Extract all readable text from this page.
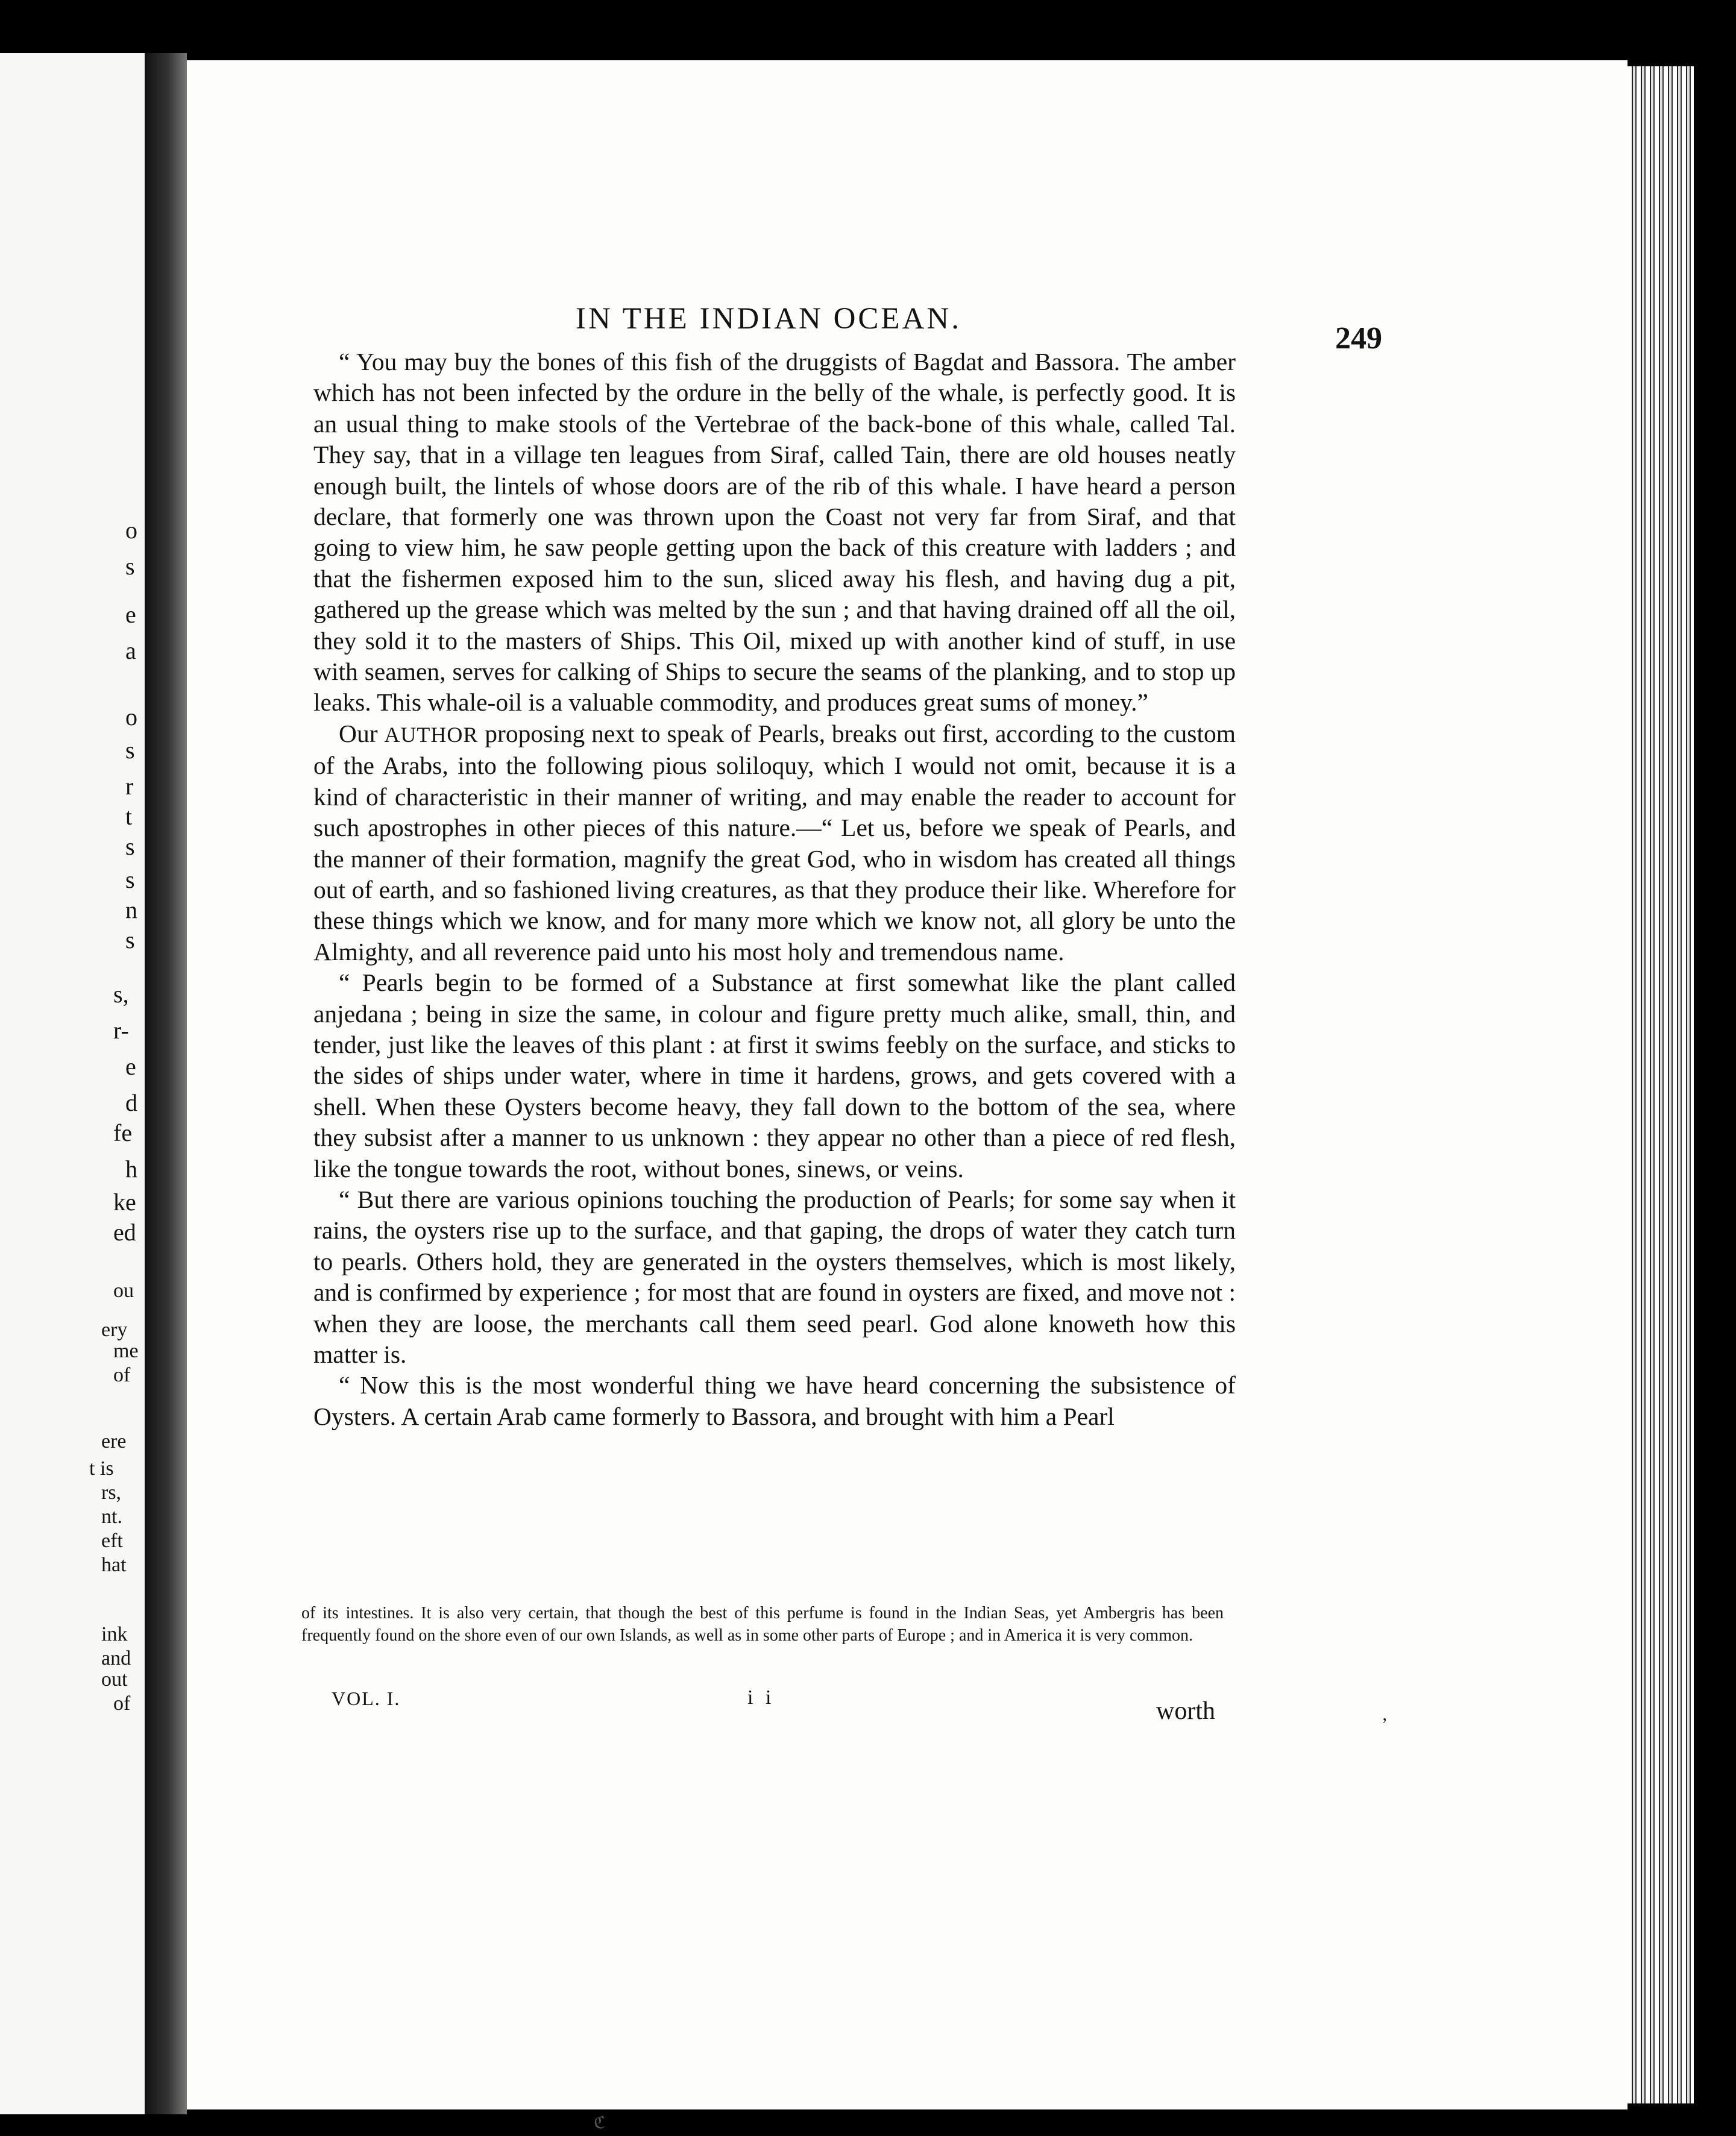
o
s
e
a
o
s
r
t
s
s
n
s
s,
r-
e
d
fe
h
ke
ed
ou
ery
me
of
ere
t is
rs,
nt.
eft
hat
ink
and
out
of
IN THE INDIAN OCEAN.
249

“ You may buy the bones of this fish of the druggists of Bagdat and Bassora. The amber which has not been infected by the ordure in the belly of the whale, is perfectly good. It is an usual thing to make stools of the Vertebrae of the back-bone of this whale, called Tal. They say, that in a village ten leagues from Siraf, called Tain, there are old houses neatly enough built, the lintels of whose doors are of the rib of this whale. I have heard a person declare, that formerly one was thrown upon the Coast not very far from Siraf, and that going to view him, he saw people getting upon the back of this creature with ladders ; and that the fishermen exposed him to the sun, sliced away his flesh, and having dug a pit, gathered up the grease which was melted by the sun ; and that having drained off all the oil, they sold it to the masters of Ships. This Oil, mixed up with another kind of stuff, in use with seamen, serves for calking of Ships to secure the seams of the planking, and to stop up leaks. This whale-oil is a valuable commodity, and produces great sums of money.”

Our AUTHOR proposing next to speak of Pearls, breaks out first, according to the custom of the Arabs, into the following pious soliloquy, which I would not omit, because it is a kind of characteristic in their manner of writing, and may enable the reader to account for such apostrophes in other pieces of this nature.—“ Let us, before we speak of Pearls, and the manner of their formation, magnify the great God, who in wisdom has created all things out of earth, and so fashioned living creatures, as that they produce their like. Wherefore for these things which we know, and for many more which we know not, all glory be unto the Almighty, and all reverence paid unto his most holy and tremendous name.

“ Pearls begin to be formed of a Substance at first somewhat like the plant called anjedana ; being in size the same, in colour and figure pretty much alike, small, thin, and tender, just like the leaves of this plant : at first it swims feebly on the surface, and sticks to the sides of ships under water, where in time it hardens, grows, and gets covered with a shell. When these Oysters become heavy, they fall down to the bottom of the sea, where they subsist after a manner to us unknown : they appear no other than a piece of red flesh, like the tongue towards the root, without bones, sinews, or veins.

“ But there are various opinions touching the production of Pearls; for some say when it rains, the oysters rise up to the surface, and that gaping, the drops of water they catch turn to pearls. Others hold, they are generated in the oysters themselves, which is most likely, and is confirmed by experience ; for most that are found in oysters are fixed, and move not : when they are loose, the merchants call them seed pearl. God alone knoweth how this matter is.

“ Now this is the most wonderful thing we have heard concerning the subsistence of Oysters. A certain Arab came formerly to Bassora, and brought with him a Pearl

of its intestines. It is also very certain, that though the best of this perfume is found in the Indian Seas, yet Ambergris has been frequently found on the shore even of our own Islands, as well as in some other parts of Europe ; and in America it is very common.
VOL. I.	i i	worth	ʼ
ℭ
